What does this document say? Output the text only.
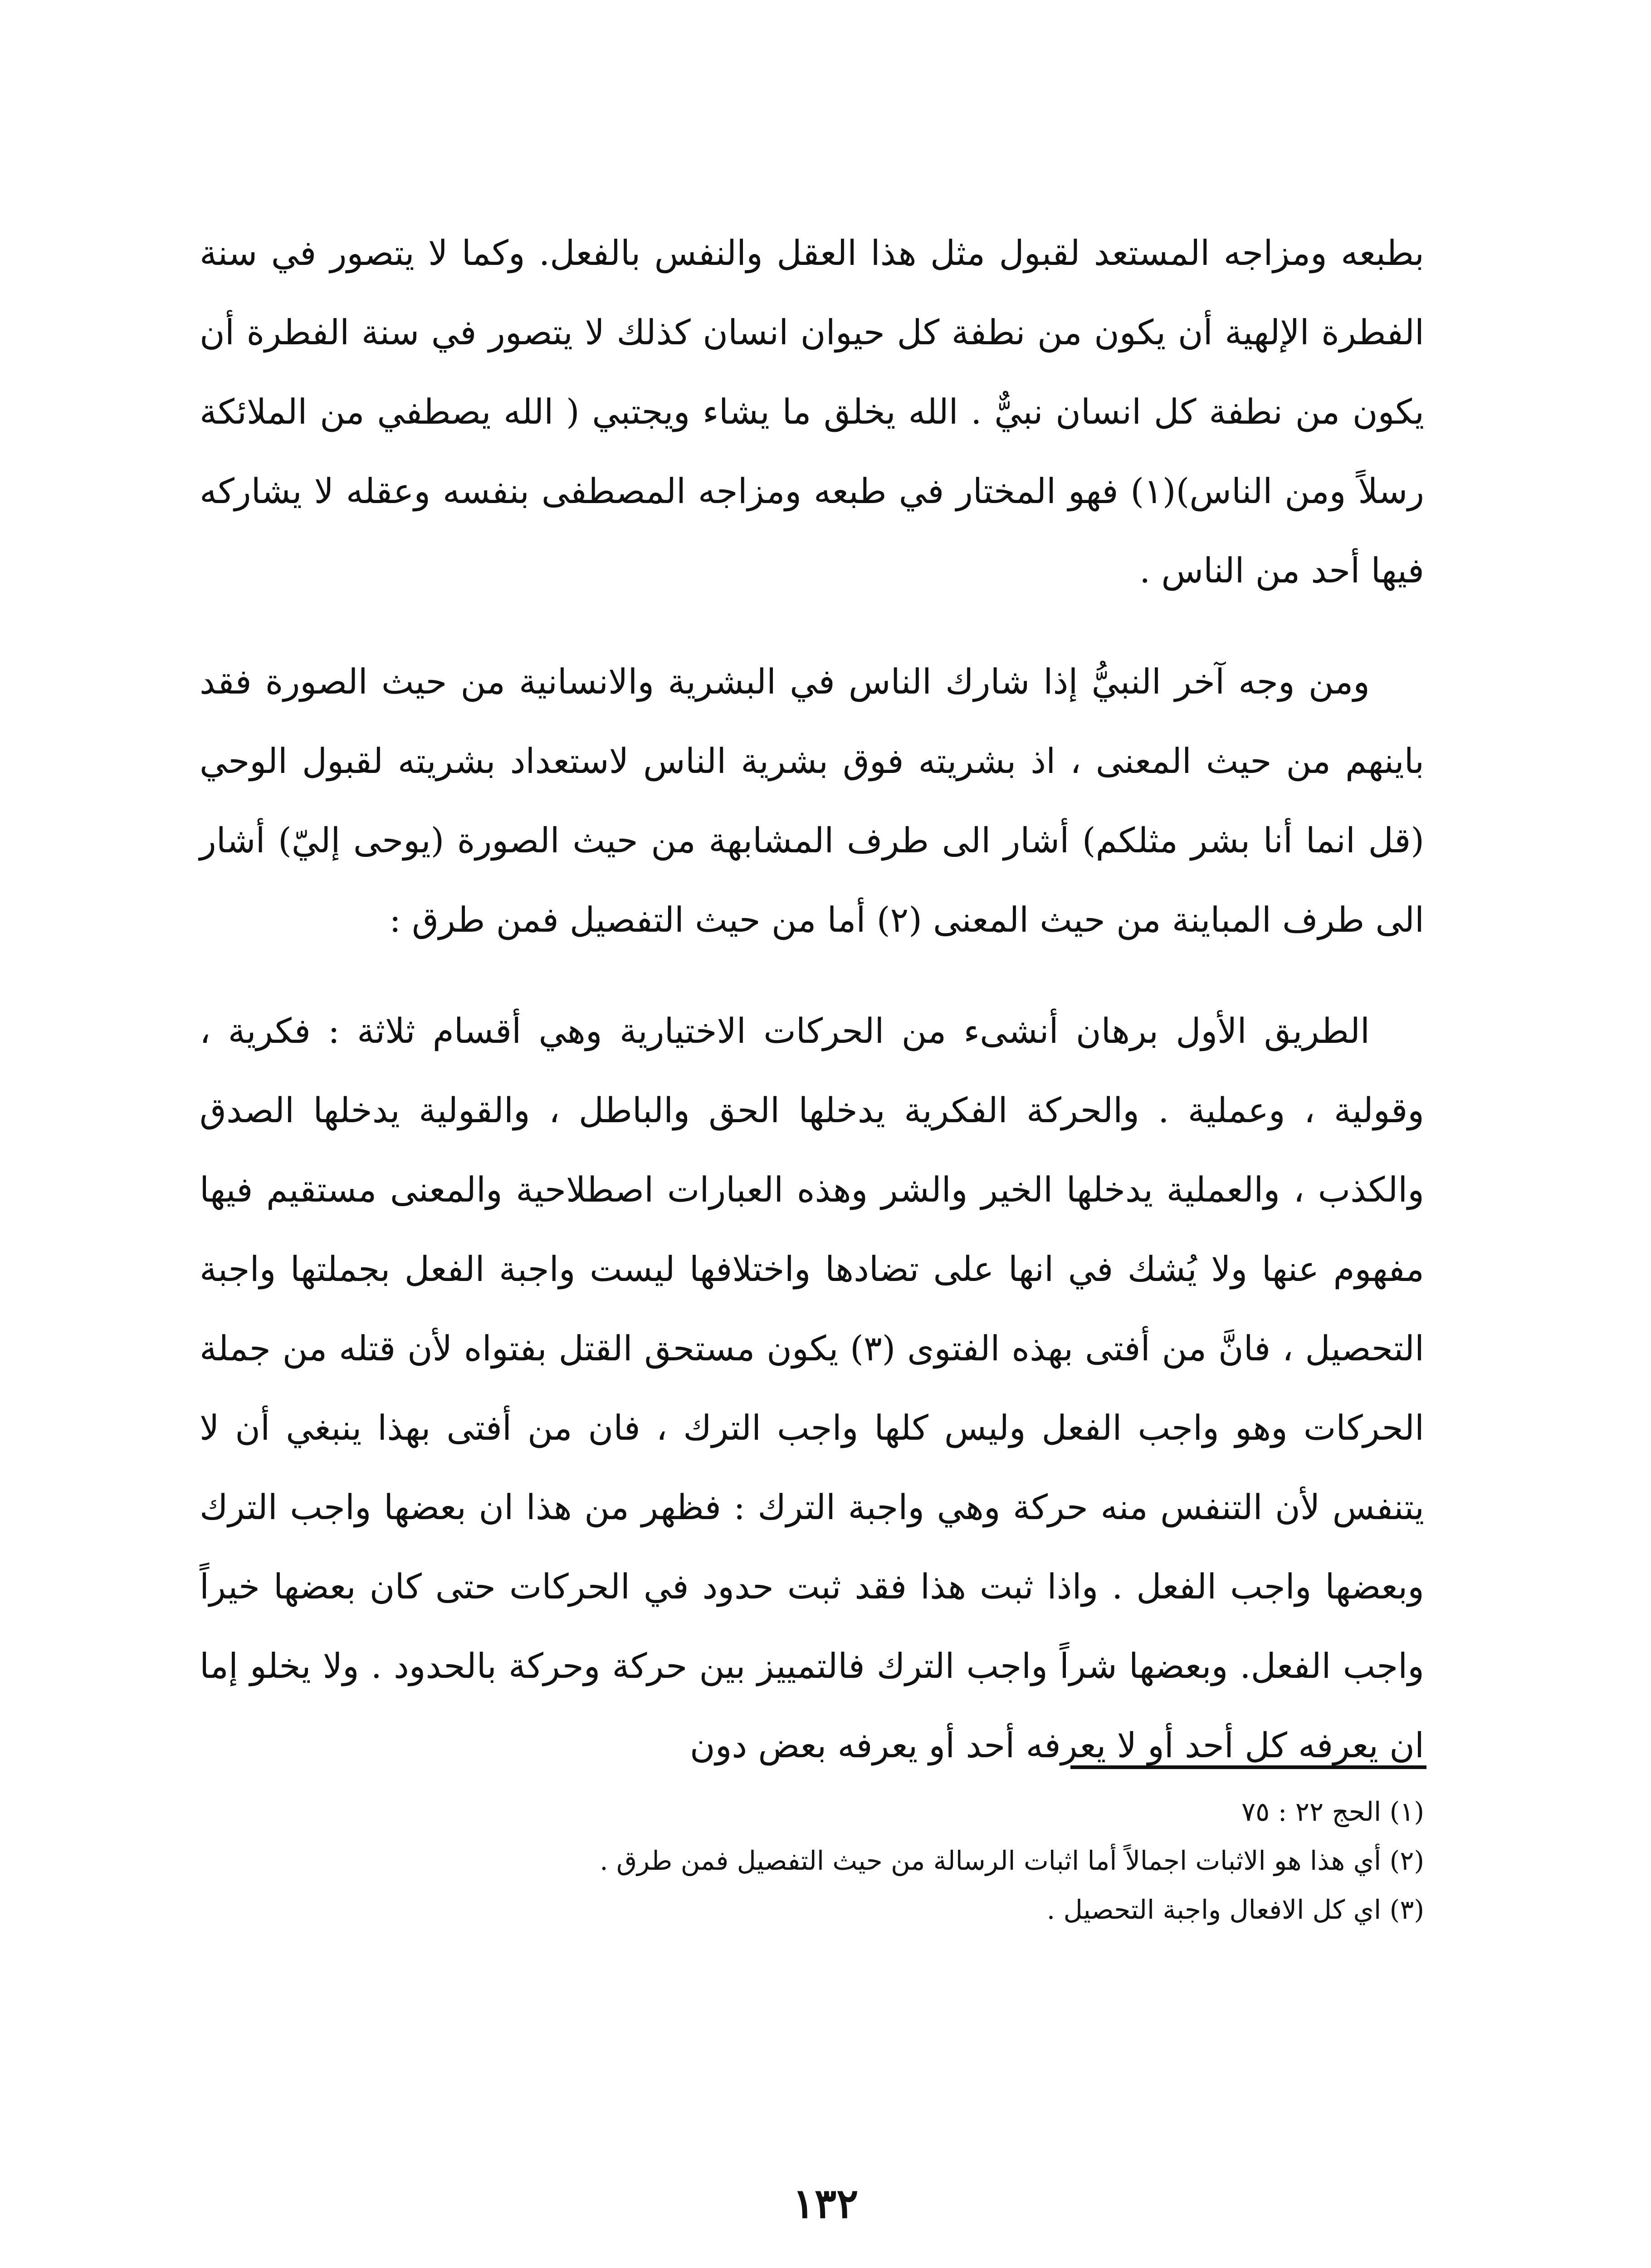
بطبعه ومزاجه المستعد لقبول مثل هذا العقل والنفس بالفعل. وكما لا يتصور في سنة الفطرة الإلهية أن يكون من نطفة كل حيوان انسان كذلك لا يتصور في سنة الفطرة أن يكون من نطفة كل انسان نبيٌّ . الله يخلق ما يشاء ويجتبي ( الله يصطفي من الملائكة رسلاً ومن الناس)(١) فهو المختار في طبعه ومزاجه المصطفى بنفسه وعقله لا يشاركه فيها أحد من الناس .

ومن وجه آخر النبيُّ إذا شارك الناس في البشرية والانسانية من حيث الصورة فقد باينهم من حيث المعنى ، اذ بشريته فوق بشرية الناس لاستعداد بشريته لقبول الوحي (قل انما أنا بشر مثلكم) أشار الى طرف المشابهة من حيث الصورة (يوحى إليّ) أشار الى طرف المباينة من حيث المعنى (٢) أما من حيث التفصيل فمن طرق :

الطريق الأول برهان أنشىء من الحركات الاختيارية وهي أقسام ثلاثة : فكرية ، وقولية ، وعملية . والحركة الفكرية يدخلها الحق والباطل ، والقولية يدخلها الصدق والكذب ، والعملية يدخلها الخير والشر وهذه العبارات اصطلاحية والمعنى مستقيم فيها مفهوم عنها ولا يُشك في انها على تضادها واختلافها ليست واجبة الفعل بجملتها واجبة التحصيل ، فانَّ من أفتى بهذه الفتوى (٣) يكون مستحق القتل بفتواه لأن قتله من جملة الحركات وهو واجب الفعل وليس كلها واجب الترك ، فان من أفتى بهذا ينبغي أن لا يتنفس لأن التنفس منه حركة وهي واجبة الترك : فظهر من هذا ان بعضها واجب الترك وبعضها واجب الفعل . واذا ثبت هذا فقد ثبت حدود في الحركات حتى كان بعضها خيراً واجب الفعل. وبعضها شراً واجب الترك فالتمييز بين حركة وحركة بالحدود . ولا يخلو إما ان يعرفه كل أحد أو لا يعرفه أحد أو يعرفه بعض دون

(١) الحج ٢٢ : ٧٥

(٢) أي هذا هو الاثبات اجمالاً أما اثبات الرسالة من حيث التفصيل فمن طرق .

(٣) اي كل الافعال واجبة التحصيل .

١٣٢
